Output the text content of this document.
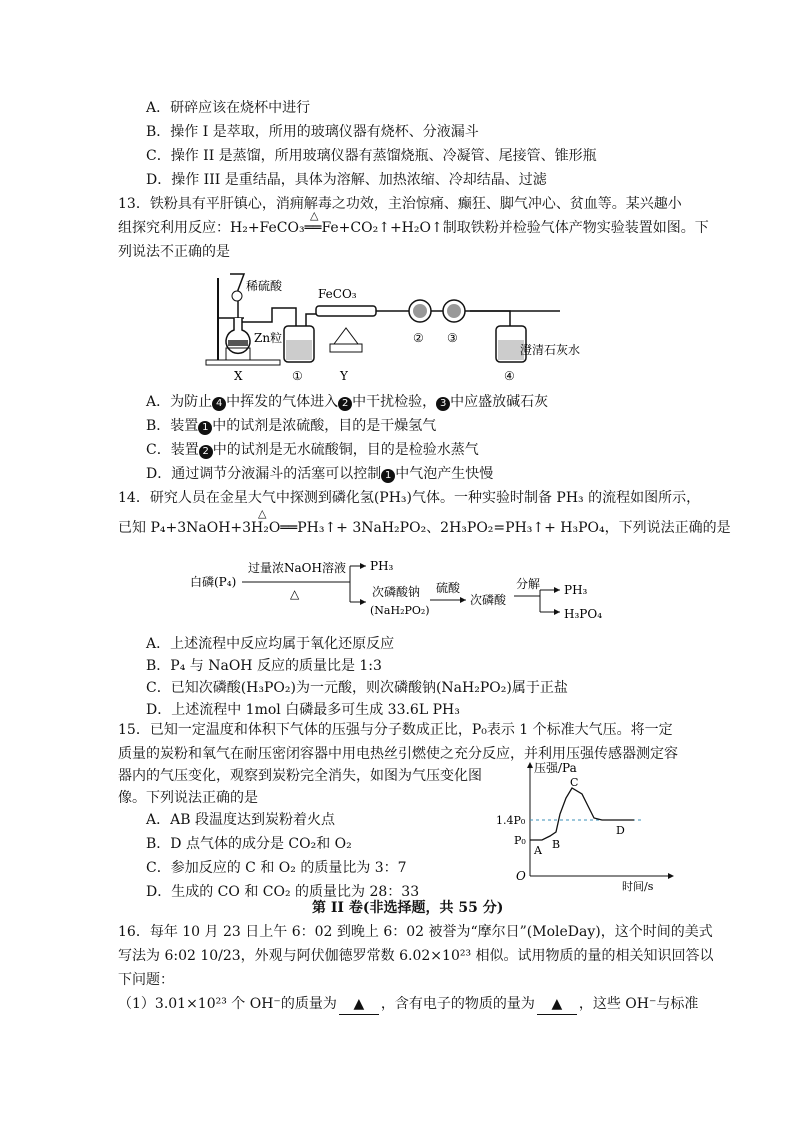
A．研碎应该在烧杯中进行
B．操作 I 是萃取，所用的玻璃仪器有烧杯、分液漏斗
C．操作 II 是蒸馏，所用玻璃仪器有蒸馏烧瓶、冷凝管、尾接管、锥形瓶
D．操作 III 是重结晶，具体为溶解、加热浓缩、冷却结晶、过滤
13．铁粉具有平肝镇心，消痈解毒之功效，主治惊痛、癫狂、脚气冲心、贫血等。某兴趣小
△
组探究利用反应：H₂+FeCO₃══Fe+CO₂↑+H₂O↑制取铁粉并检验气体产物实验装置如图。下
列说法不正确的是
稀硫酸
Zn粒
FeCO₃
澄清石灰水
X	①	Y
② ③
④
A．为防止 4 中挥发的气体进入 2 中干扰检验， 3 中应盛放碱石灰
B．装置 1 中的试剂是浓硫酸，目的是干燥氢气
C．装置 2 中的试剂是无水硫酸铜，目的是检验水蒸气
D．通过调节分液漏斗的活塞可以控制 1 中气泡产生快慢
14．研究人员在金星大气中探测到磷化氢(PH₃)气体。一种实验时制备 PH₃ 的流程如图所示，
△
已知 P₄+3NaOH+3H₂O══PH₃↑+ 3NaH₂PO₂、2H₃PO₂=PH₃↑+ H₃PO₄，下列说法正确的是
白磷(P₄)
过量浓NaOH溶液
△
PH₃
次磷酸钠
(NaH₂PO₂)
硫酸
次磷酸
分解 PH₃
H₃PO₄
A．上述流程中反应均属于氧化还原反应
B．P₄ 与 NaOH 反应的质量比是 1:3
C．已知次磷酸(H₃PO₂)为一元酸，则次磷酸钠(NaH₂PO₂)属于正盐
D．上述流程中 1mol 白磷最多可生成 33.6L PH₃
15．已知一定温度和体积下气体的压强与分子数成正比，P₀表示 1 个标准大气压。将一定
质量的炭粉和氧气在耐压密闭容器中用电热丝引燃使之充分反应，并利用压强传感器测定容
器内的气压变化，观察到炭粉完全消失，如图为气压变化图
像。下列说法正确的是
A．AB 段温度达到炭粉着火点
B．D 点气体的成分是 CO₂和 O₂
C．参加反应的 C 和 O₂ 的质量比为 3：7
D．生成的 CO 和 CO₂ 的质量比为 28：33
压强/Pa
时间/s
O
1.4P₀
P₀
A B
C
D
第 II 卷(非选择题，共 55 分)
16．每年 10 月 23 日上午 6：02 到晚上 6：02 被誉为“摩尔日”(MoleDay)，这个时间的美式
写法为 6:02 10/23，外观与阿伏伽德罗常数 6.02×10²³ 相似。试用物质的量的相关知识回答以
下问题：
（1）3.01×10²³ 个 OH⁻的质量为 ▲ ，含有电子的物质的量为 ▲ ，这些 OH⁻与标准
